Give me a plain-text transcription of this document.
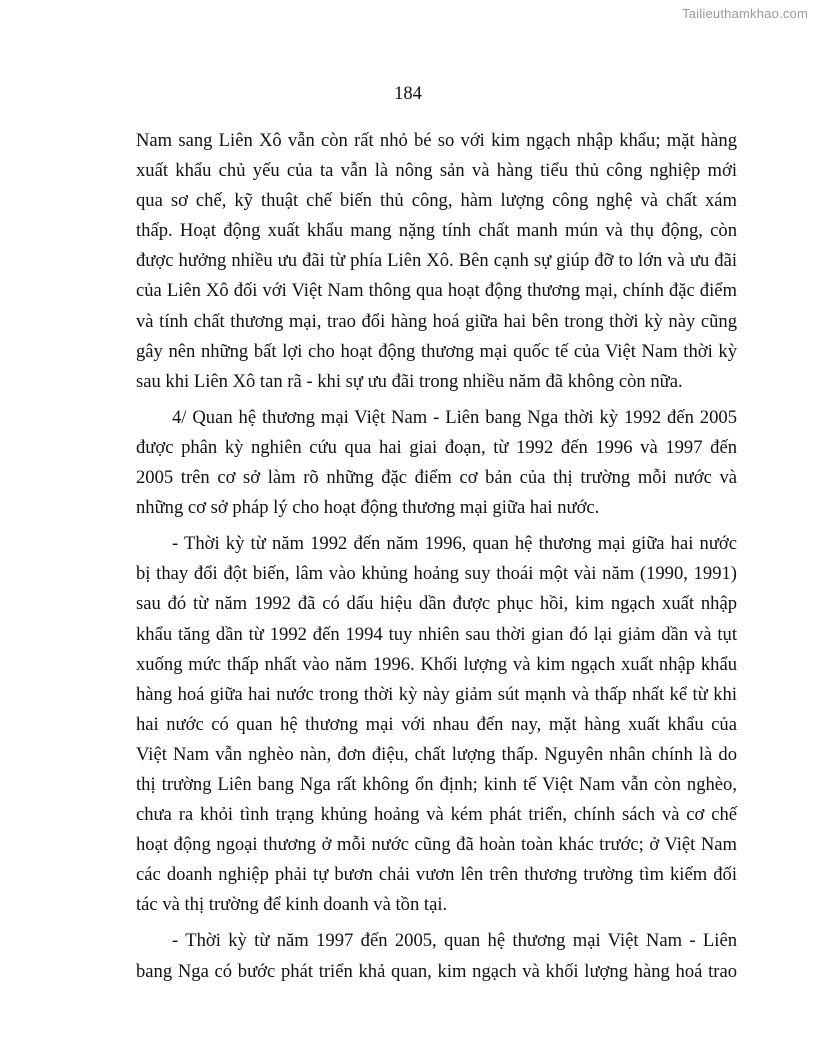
Tailieuthamkhao.com
184

Nam sang Liên Xô vẫn còn rất nhỏ bé so với kim ngạch nhập khẩu; mặt hàng
xuất khẩu chủ yếu của ta vẫn là nông sản và hàng tiểu thủ công nghiệp mới
qua sơ chế, kỹ thuật chế biến thủ công, hàm lượng công nghệ và chất xám
thấp. Hoạt động xuất khẩu mang nặng tính chất manh mún và thụ động, còn
được hưởng nhiều ưu đãi từ phía Liên Xô. Bên cạnh sự giúp đỡ to lớn và ưu đãi
của Liên Xô đối với Việt Nam thông qua hoạt động thương mại, chính đặc điểm
và tính chất thương mại, trao đổi hàng hoá giữa hai bên trong thời kỳ này cũng
gây nên những bất lợi cho hoạt động thương mại quốc tế của Việt Nam thời kỳ
sau khi Liên Xô tan rã - khi sự ưu đãi trong nhiều năm đã không còn nữa.

4/ Quan hệ thương mại Việt Nam - Liên bang Nga thời kỳ 1992 đến 2005
được phân kỳ nghiên cứu qua hai giai đoạn, từ 1992 đến 1996 và 1997 đến
2005 trên cơ sở làm rõ những đặc điểm cơ bản của thị trường mỗi nước và
những cơ sở pháp lý cho hoạt động thương mại giữa hai nước.

- Thời kỳ từ năm 1992 đến năm 1996, quan hệ thương mại giữa hai nước
bị thay đổi đột biến, lâm vào khủng hoảng suy thoái một vài năm (1990, 1991)
sau đó từ năm 1992 đã có dấu hiệu dần được phục hồi, kim ngạch xuất nhập
khẩu tăng dần từ 1992 đến 1994 tuy nhiên sau thời gian đó lại giảm dần và tụt
xuống mức thấp nhất vào năm 1996. Khối lượng và kim ngạch xuất nhập khẩu
hàng hoá giữa hai nước trong thời kỳ này giảm sút mạnh và thấp nhất kể từ khi
hai nước có quan hệ thương mại với nhau đến nay, mặt hàng xuất khẩu của
Việt Nam vẫn nghèo nàn, đơn điệu, chất lượng thấp. Nguyên nhân chính là do
thị trường Liên bang Nga rất không ổn định; kinh tế Việt Nam vẫn còn nghèo,
chưa ra khỏi tình trạng khủng hoảng và kém phát triển, chính sách và cơ chế
hoạt động ngoại thương ở mỗi nước cũng đã hoàn toàn khác trước; ở Việt Nam
các doanh nghiệp phải tự bươn chải vươn lên trên thương trường tìm kiếm đối
tác và thị trường để kinh doanh và tồn tại.

- Thời kỳ từ năm 1997 đến 2005, quan hệ thương mại Việt Nam - Liên
bang Nga có bước phát triển khả quan, kim ngạch và khối lượng hàng hoá trao
